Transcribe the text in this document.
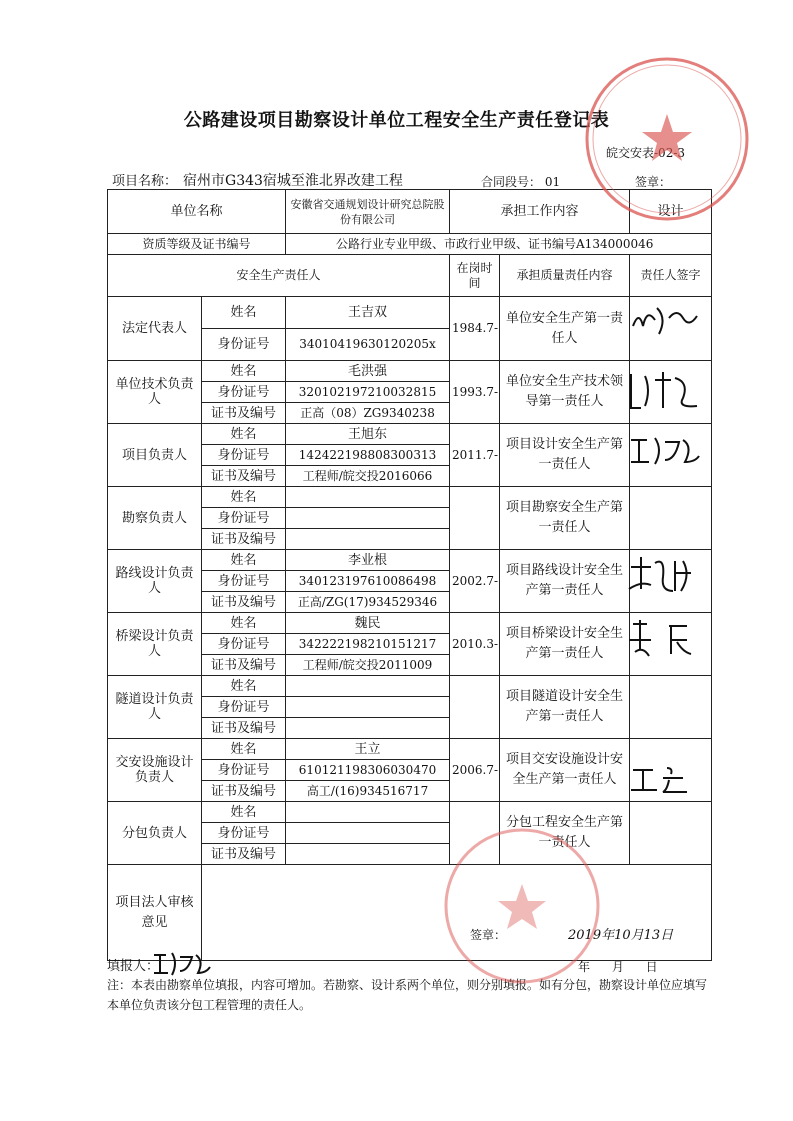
公路建设项目勘察设计单位工程安全生产责任登记表
皖交安表-02-3
项目名称： 宿州市G343宿城至淮北界改建工程	合同段号： 01	签章：
单位名称		安徽省交通规划设计研究总院股份有限公司	承担工作内容		设计
资质等级及证书编号		公路行业专业甲级、市政行业甲级、证书编号A134000046			
安全生产责任人			在岗时间	承担质量责任内容	责任人签字
法定代表人	姓名	王吉双	1984.7-	单位安全生产第一责任人	
	身份证号	34010419630120205x			
单位技术负责人	姓名	毛洪强	1993.7-	单位安全生产技术领导第一责任人	
	身份证号	320102197210032815			
	证书及编号	正高（08）ZG9340238			
项目负责人	姓名	王旭东	2011.7-	项目设计安全生产第一责任人	
	身份证号	142422198808300313			
	证书及编号	工程师/皖交投2016066			
勘察负责人	姓名			项目勘察安全生产第一责任人	
	身份证号				
	证书及编号				
路线设计负责人	姓名	李业根	2002.7-	项目路线设计安全生产第一责任人	
	身份证号	340123197610086498			
	证书及编号	正高/ZG(17)934529346			
桥梁设计负责人	姓名	魏民	2010.3-	项目桥梁设计安全生产第一责任人	
	身份证号	342222198210151217			
	证书及编号	工程师/皖交投2011009			
隧道设计负责人	姓名			项目隧道设计安全生产第一责任人	
	身份证号				
	证书及编号				
交安设施设计负责人	姓名	王立	2006.7-	项目交安设施设计安全生产第一责任人	
	身份证号	610121198306030470			
	证书及编号	高工/(16)934516717			
分包负责人	姓名			分包工程安全生产第一责任人	
	身份证号				
	证书及编号				
项目法人审核意见					
签章：	2019年10月13日
填报人：	年 月 日
注：本表由勘察单位填报，内容可增加。若勘察、设计系两个单位，则分别填报。如有分包，勘察设计单位应填写本单位负责该分包工程管理的责任人。
